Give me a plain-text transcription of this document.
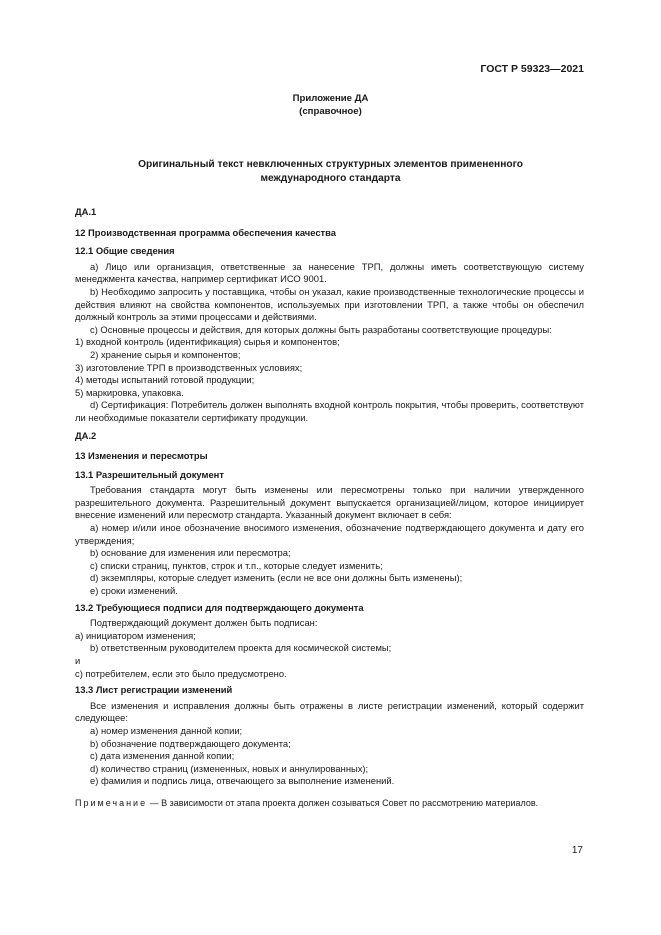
ГОСТ Р 59323—2021
Приложение ДА
(справочное)
Оригинальный текст невключенных структурных элементов примененного
международного стандарта

ДА.1

12 Производственная программа обеспечения качества

12.1 Общие сведения

а) Лицо или организация, ответственные за нанесение ТРП, должны иметь соответствующую систему менеджмента качества, например сертификат ИСО 9001.

b) Необходимо запросить у поставщика, чтобы он указал, какие производственные технологические процессы и действия влияют на свойства компонентов, используемых при изготовлении ТРП, а также чтобы он обеспечил должный контроль за этими процессами и действиями.

с) Основные процессы и действия, для которых должны быть разработаны соответствующие процедуры:

1) входной контроль (идентификация) сырья и компонентов;

2) хранение сырья и компонентов;

3) изготовление ТРП в производственных условиях;

4) методы испытаний готовой продукции;

5) маркировка, упаковка.

d) Сертификация: Потребитель должен выполнять входной контроль покрытия, чтобы проверить, соответствуют ли необходимые показатели сертификату продукции.

ДА.2

13 Изменения и пересмотры

13.1 Разрешительный документ

Требования стандарта могут быть изменены или пересмотрены только при наличии утвержденного разрешительного документа. Разрешительный документ выпускается организацией/лицом, которое инициирует внесение изменений или пересмотр стандарта. Указанный документ включает в себя:

а) номер и/или иное обозначение вносимого изменения, обозначение подтверждающего документа и дату его утверждения;

b) основание для изменения или пересмотра;

с) списки страниц, пунктов, строк и т.п., которые следует изменить;

d) экземпляры, которые следует изменить (если не все они должны быть изменены);

е) сроки изменений.

13.2 Требующиеся подписи для подтверждающего документа

Подтверждающий документ должен быть подписан:

а) инициатором изменения;

b) ответственным руководителем проекта для космической системы;

и

с) потребителем, если это было предусмотрено.

13.3 Лист регистрации изменений

Все изменения и исправления должны быть отражены в листе регистрации изменений, который содержит следующее:

а) номер изменения данной копии;

b) обозначение подтверждающего документа;

с) дата изменения данной копии;

d) количество страниц (измененных, новых и аннулированных);

е) фамилия и подпись лица, отвечающего за выполнение изменений.

Примечание — В зависимости от этапа проекта должен созываться Совет по рассмотрению материалов.

17
